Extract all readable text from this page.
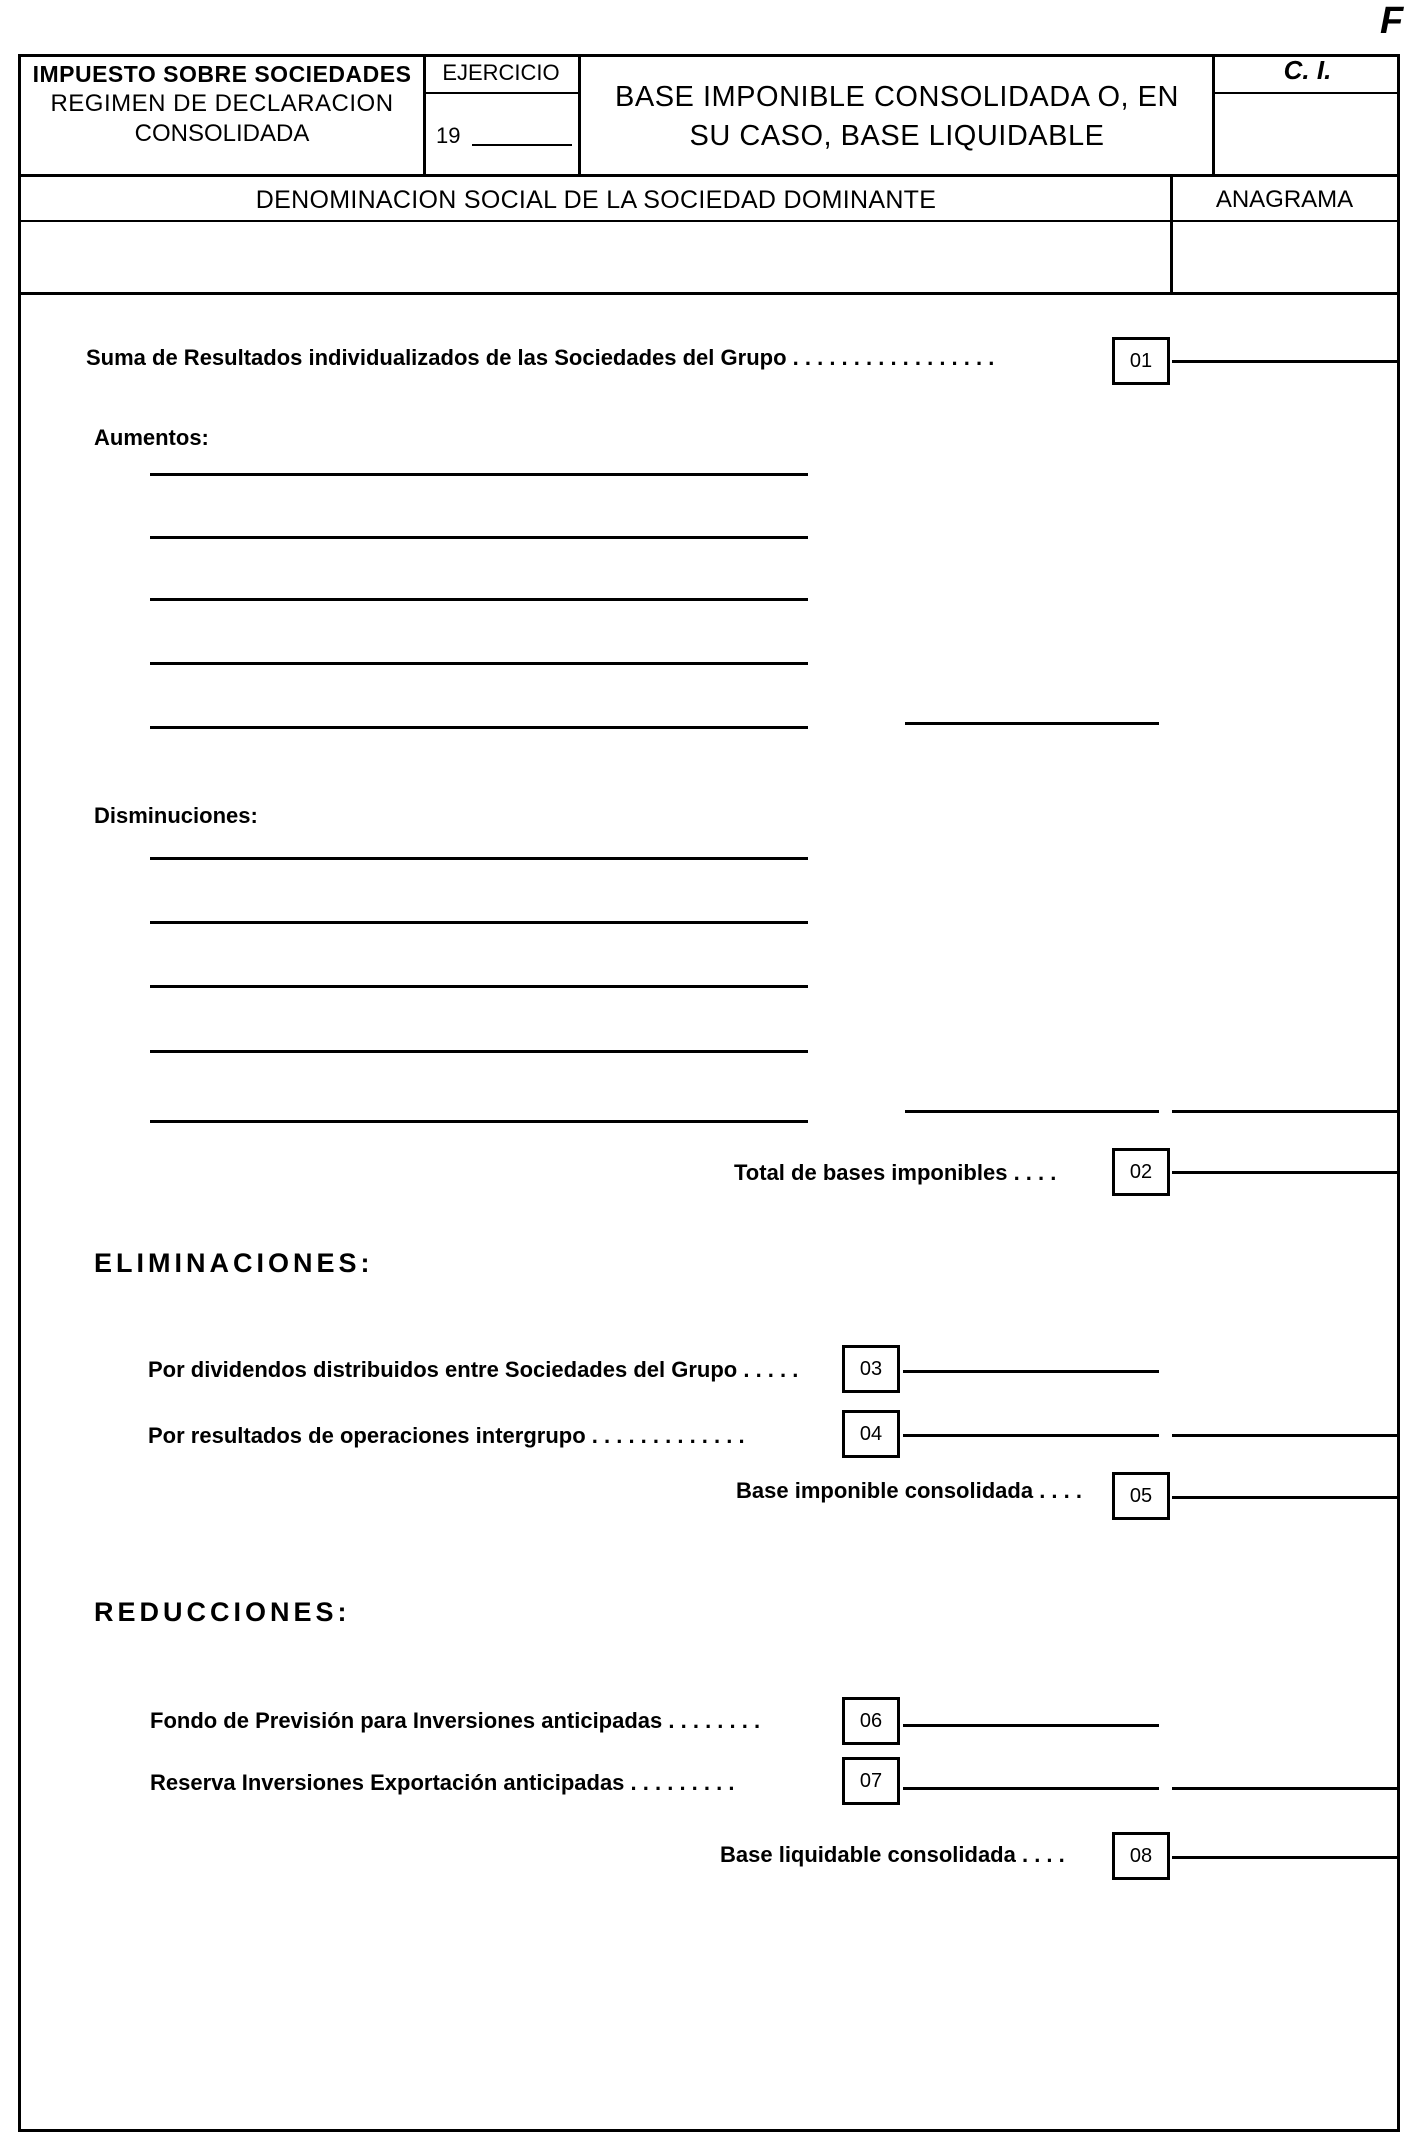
F
IMPUESTO SOBRE SOCIEDADES
REGIMEN DE DECLARACION
CONSOLIDADA
EJERCICIO
19
BASE IMPONIBLE CONSOLIDADA O, EN
SU CASO, BASE LIQUIDABLE
C. I.
DENOMINACION SOCIAL DE LA SOCIEDAD DOMINANTE	ANAGRAMA
Suma de Resultados individualizados de las Sociedades del Grupo . . . . . . . . . . . . . . . . .	01
Aumentos:
Disminuciones:
Total de bases imponibles . . . .	02
ELIMINACIONES:
Por dividendos distribuidos entre Sociedades del Grupo . . . . .	03
Por resultados de operaciones intergrupo . . . . . . . . . . . . .	04
Base imponible consolidada . . . .	05
REDUCCIONES:
Fondo de Previsión para Inversiones anticipadas . . . . . . . .	06
Reserva Inversiones Exportación anticipadas . . . . . . . . .	07
Base liquidable consolidada . . . .	08
